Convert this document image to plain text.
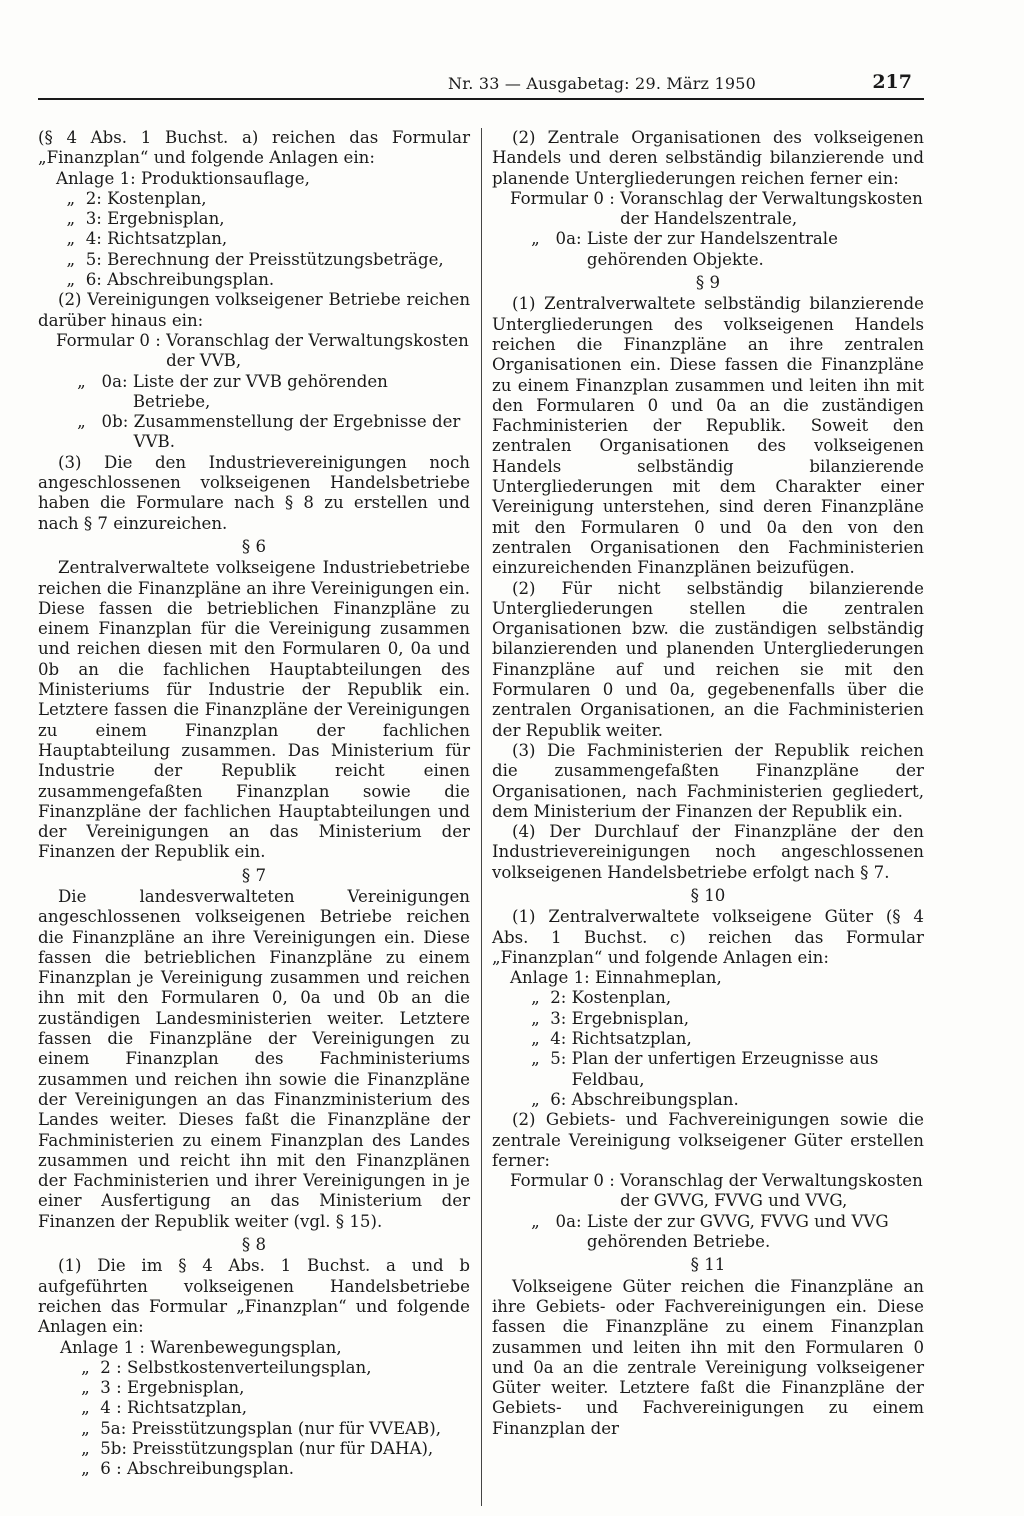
Nr. 33 — Ausgabetag: 29. März 1950	217

(§ 4 Abs. 1 Buchst. a) reichen das Formular „Finanzplan“ und folgende Anlagen ein:

Anlage 1: Produktionsauflage,
„  2: Kostenplan,
„  3: Ergebnisplan,
„  4: Richtsatzplan,
„  5: Berechnung der Preisstützungsbeträge,
„  6: Abschreibungsplan.

(2) Vereinigungen volkseigener Betriebe reichen darüber hinaus ein:

Formular 0 : Voranschlag der Verwaltungskosten der VVB,
„   0a: Liste der zur VVB gehörenden Betriebe,
„   0b: Zusammenstellung der Ergebnisse der VVB.

(3) Die den Industrievereinigungen noch angeschlossenen volkseigenen Handelsbetriebe haben die Formulare nach § 8 zu erstellen und nach § 7 einzureichen.

§ 6

Zentralverwaltete volkseigene Industriebetriebe reichen die Finanzpläne an ihre Vereinigungen ein. Diese fassen die betrieblichen Finanzpläne zu einem Finanzplan für die Vereinigung zusammen und reichen diesen mit den Formularen 0, 0a und 0b an die fachlichen Hauptabteilungen des Ministeriums für Industrie der Republik ein. Letztere fassen die Finanzpläne der Vereinigungen zu einem Finanzplan der fachlichen Hauptabteilung zusammen. Das Ministerium für Industrie der Republik reicht einen zusammengefaßten Finanzplan sowie die Finanzpläne der fachlichen Hauptabteilungen und der Vereinigungen an das Ministerium der Finanzen der Republik ein.

§ 7

Die landesverwalteten Vereinigungen angeschlossenen volkseigenen Betriebe reichen die Finanzpläne an ihre Vereinigungen ein. Diese fassen die betrieblichen Finanzpläne zu einem Finanzplan je Vereinigung zusammen und reichen ihn mit den Formularen 0, 0a und 0b an die zuständigen Landesministerien weiter. Letztere fassen die Finanzpläne der Vereinigungen zu einem Finanzplan des Fachministeriums zusammen und reichen ihn sowie die Finanzpläne der Vereinigungen an das Finanzministerium des Landes weiter. Dieses faßt die Finanzpläne der Fachministerien zu einem Finanzplan des Landes zusammen und reicht ihn mit den Finanzplänen der Fachministerien und ihrer Vereinigungen in je einer Ausfertigung an das Ministerium der Finanzen der Republik weiter (vgl. § 15).

§ 8

(1) Die im § 4 Abs. 1 Buchst. a und b aufgeführten volkseigenen Handelsbetriebe reichen das Formular „Finanzplan“ und folgende Anlagen ein:

Anlage 1 : Warenbewegungsplan,
„  2 : Selbstkostenverteilungsplan,
„  3 : Ergebnisplan,
„  4 : Richtsatzplan,
„  5a: Preisstützungsplan (nur für VVEAB),
„  5b: Preisstützungsplan (nur für DAHA),
„  6 : Abschreibungsplan.

(2) Zentrale Organisationen des volkseigenen Handels und deren selbständig bilanzierende und planende Untergliederungen reichen ferner ein:

Formular 0 : Voranschlag der Verwaltungskosten der Handelszentrale,
„   0a: Liste der zur Handelszentrale gehörenden Objekte.
§ 9

(1) Zentralverwaltete selbständig bilanzierende Untergliederungen des volkseigenen Handels reichen die Finanzpläne an ihre zentralen Organisationen ein. Diese fassen die Finanzpläne zu einem Finanzplan zusammen und leiten ihn mit den Formularen 0 und 0a an die zuständigen Fachministerien der Republik. Soweit den zentralen Organisationen des volkseigenen Handels selbständig bilanzierende Untergliederungen mit dem Charakter einer Vereinigung unterstehen, sind deren Finanzpläne mit den Formularen 0 und 0a den von den zentralen Organisationen den Fachministerien einzureichenden Finanzplänen beizufügen.

(2) Für nicht selbständig bilanzierende Untergliederungen stellen die zentralen Organisationen bzw. die zuständigen selbständig bilanzierenden und planenden Untergliederungen Finanzpläne auf und reichen sie mit den Formularen 0 und 0a, gegebenenfalls über die zentralen Organisationen, an die Fachministerien der Republik weiter.

(3) Die Fachministerien der Republik reichen die zusammengefaßten Finanzpläne der Organisationen, nach Fachministerien gegliedert, dem Ministerium der Finanzen der Republik ein.

(4) Der Durchlauf der Finanzpläne der den Industrievereinigungen noch angeschlossenen volkseigenen Handelsbetriebe erfolgt nach § 7.

§ 10

(1) Zentralverwaltete volkseigene Güter (§ 4 Abs. 1 Buchst. c) reichen das Formular „Finanzplan“ und folgende Anlagen ein:

Anlage 1: Einnahmeplan,
„  2: Kostenplan,
„  3: Ergebnisplan,
„  4: Richtsatzplan,
„  5: Plan der unfertigen Erzeugnisse aus Feldbau,
„  6: Abschreibungsplan.

(2) Gebiets- und Fachvereinigungen sowie die zentrale Vereinigung volkseigener Güter erstellen ferner:

Formular 0 : Voranschlag der Verwaltungskosten der GVVG, FVVG und VVG,
„   0a: Liste der zur GVVG, FVVG und VVG gehörenden Betriebe.
§ 11

Volkseigene Güter reichen die Finanzpläne an ihre Gebiets- oder Fachvereinigungen ein. Diese fassen die Finanzpläne zu einem Finanzplan zusammen und leiten ihn mit den Formularen 0 und 0a an die zentrale Vereinigung volkseigener Güter weiter. Letztere faßt die Finanzpläne der Gebiets- und Fachvereinigungen zu einem Finanzplan der
